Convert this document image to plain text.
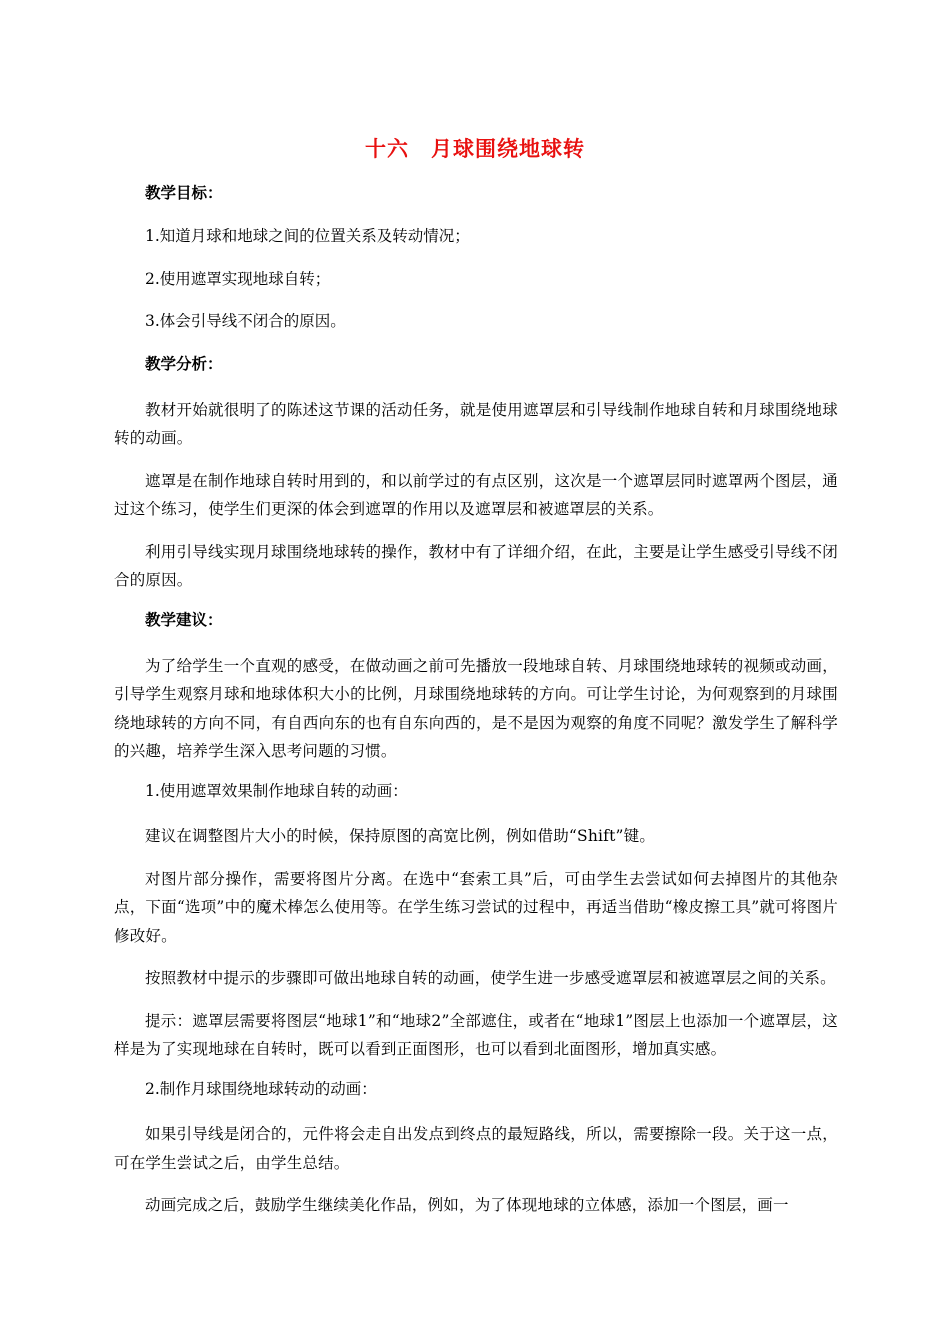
十六　月球围绕地球转
教学目标：
1.知道月球和地球之间的位置关系及转动情况；
2.使用遮罩实现地球自转；
3.体会引导线不闭合的原因。
教学分析：

教材开始就很明了的陈述这节课的活动任务，就是使用遮罩层和引导线制作地球自转和月球围绕地球转的动画。

遮罩是在制作地球自转时用到的，和以前学过的有点区别，这次是一个遮罩层同时遮罩两个图层，通过这个练习，使学生们更深的体会到遮罩的作用以及遮罩层和被遮罩层的关系。

利用引导线实现月球围绕地球转的操作，教材中有了详细介绍，在此，主要是让学生感受引导线不闭合的原因。

教学建议：

为了给学生一个直观的感受，在做动画之前可先播放一段地球自转、月球围绕地球转的视频或动画，引导学生观察月球和地球体积大小的比例，月球围绕地球转的方向。可让学生讨论，为何观察到的月球围绕地球转的方向不同，有自西向东的也有自东向西的，是不是因为观察的角度不同呢？激发学生了解科学的兴趣，培养学生深入思考问题的习惯。

1.使用遮罩效果制作地球自转的动画：

建议在调整图片大小的时候，保持原图的高宽比例，例如借助“Shift”键。

对图片部分操作，需要将图片分离。在选中“套索工具”后，可由学生去尝试如何去掉图片的其他杂点，下面“选项”中的魔术棒怎么使用等。在学生练习尝试的过程中，再适当借助“橡皮擦工具”就可将图片修改好。

按照教材中提示的步骤即可做出地球自转的动画，使学生进一步感受遮罩层和被遮罩层之间的关系。

提示：遮罩层需要将图层“地球1”和“地球2”全部遮住，或者在“地球1”图层上也添加一个遮罩层，这样是为了实现地球在自转时，既可以看到正面图形，也可以看到北面图形，增加真实感。

2.制作月球围绕地球转动的动画：

如果引导线是闭合的，元件将会走自出发点到终点的最短路线，所以，需要擦除一段。关于这一点，可在学生尝试之后，由学生总结。

动画完成之后，鼓励学生继续美化作品，例如，为了体现地球的立体感，添加一个图层，画一
